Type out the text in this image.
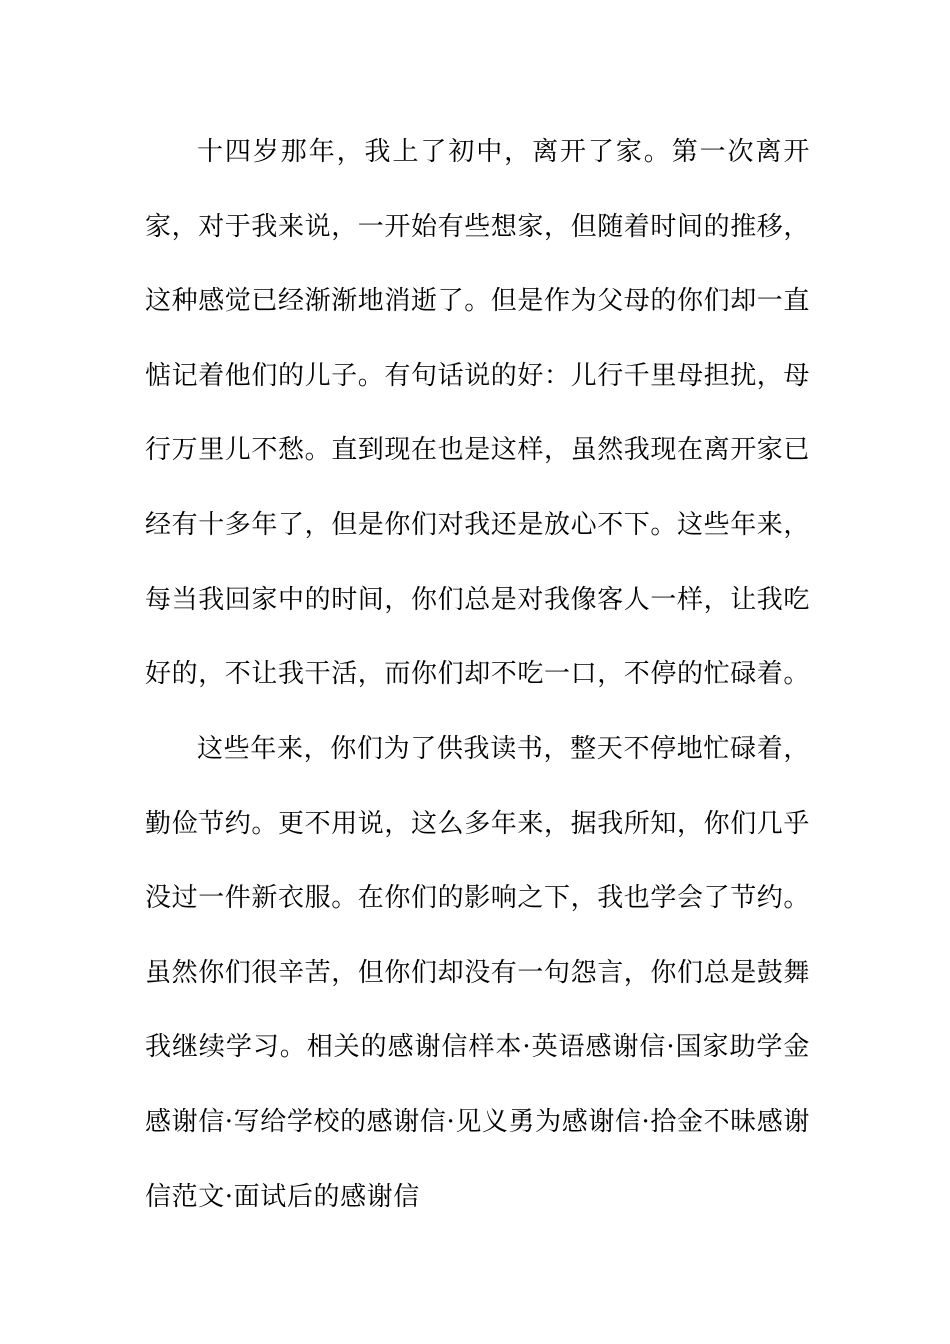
十四岁那年，我上了初中，离开了家。第一次离开家，对于我来说，一开始有些想家，但随着时间的推移，这种感觉已经渐渐地消逝了。但是作为父母的你们却一直惦记着他们的儿子。有句话说的好：儿行千里母担扰，母行万里儿不愁。直到现在也是这样，虽然我现在离开家已经有十多年了，但是你们对我还是放心不下。这些年来，每当我回家中的时间，你们总是对我像客人一样，让我吃好的，不让我干活，而你们却不吃一口，不停的忙碌着。

这些年来，你们为了供我读书，整天不停地忙碌着，勤俭节约。更不用说，这么多年来，据我所知，你们几乎没过一件新衣服。在你们的影响之下，我也学会了节约。虽然你们很辛苦，但你们却没有一句怨言，你们总是鼓舞我继续学习。相关的感谢信样本·英语感谢信·国家助学金感谢信·写给学校的感谢信·见义勇为感谢信·拾金不昧感谢信范文·面试后的感谢信
